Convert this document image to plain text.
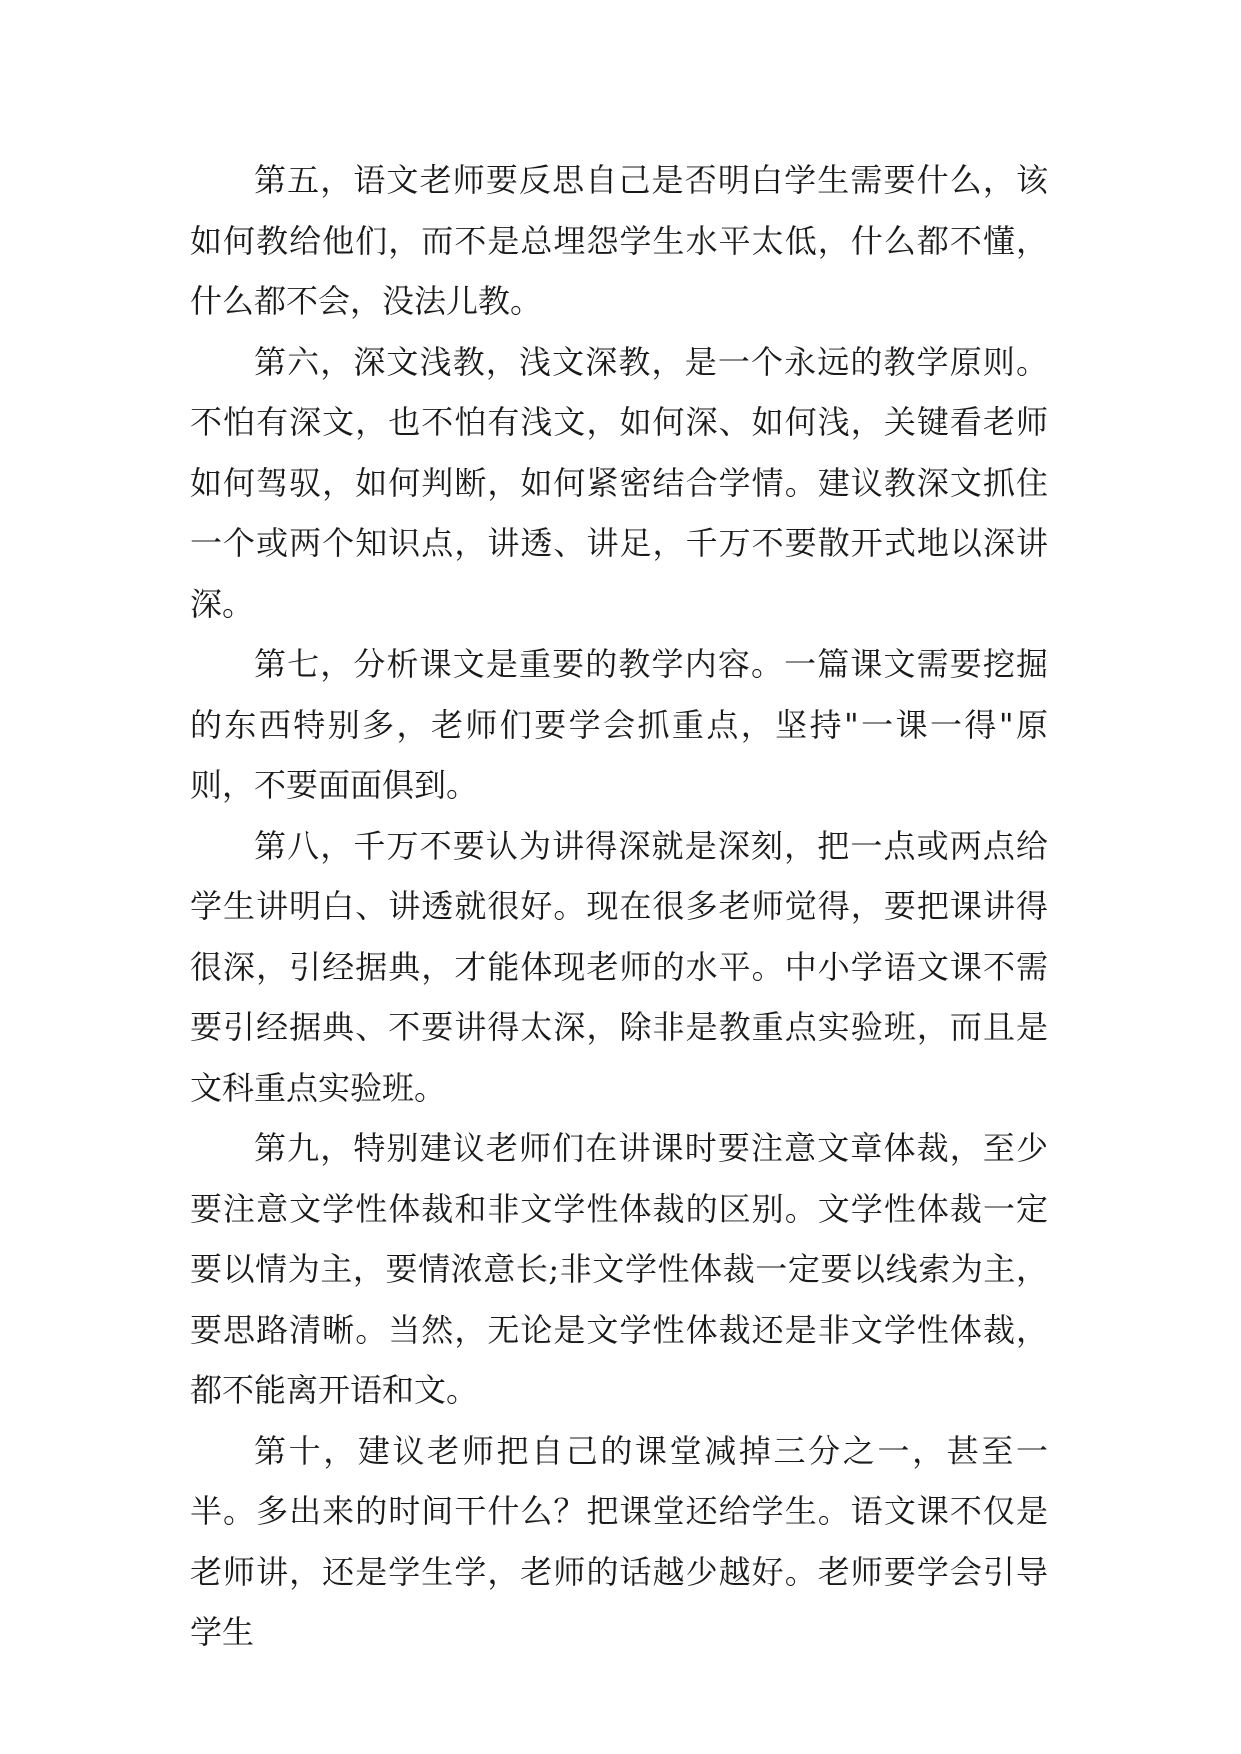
第五，语文老师要反思自己是否明白学生需要什么，该如何教给他们，而不是总埋怨学生水平太低，什么都不懂，什么都不会，没法儿教。

第六，深文浅教，浅文深教，是一个永远的教学原则。不怕有深文，也不怕有浅文，如何深、如何浅，关键看老师如何驾驭，如何判断，如何紧密结合学情。建议教深文抓住一个或两个知识点，讲透、讲足，千万不要散开式地以深讲深。

第七，分析课文是重要的教学内容。一篇课文需要挖掘的东西特别多，老师们要学会抓重点，坚持"一课一得"原则，不要面面俱到。

第八，千万不要认为讲得深就是深刻，把一点或两点给学生讲明白、讲透就很好。现在很多老师觉得，要把课讲得很深，引经据典，才能体现老师的水平。中小学语文课不需要引经据典、不要讲得太深，除非是教重点实验班，而且是文科重点实验班。

第九，特别建议老师们在讲课时要注意文章体裁，至少要注意文学性体裁和非文学性体裁的区别。文学性体裁一定要以情为主，要情浓意长;非文学性体裁一定要以线索为主，要思路清晰。当然，无论是文学性体裁还是非文学性体裁，都不能离开语和文。

第十，建议老师把自己的课堂减掉三分之一，甚至一半。多出来的时间干什么？把课堂还给学生。语文课不仅是老师讲，还是学生学，老师的话越少越好。老师要学会引导学生
